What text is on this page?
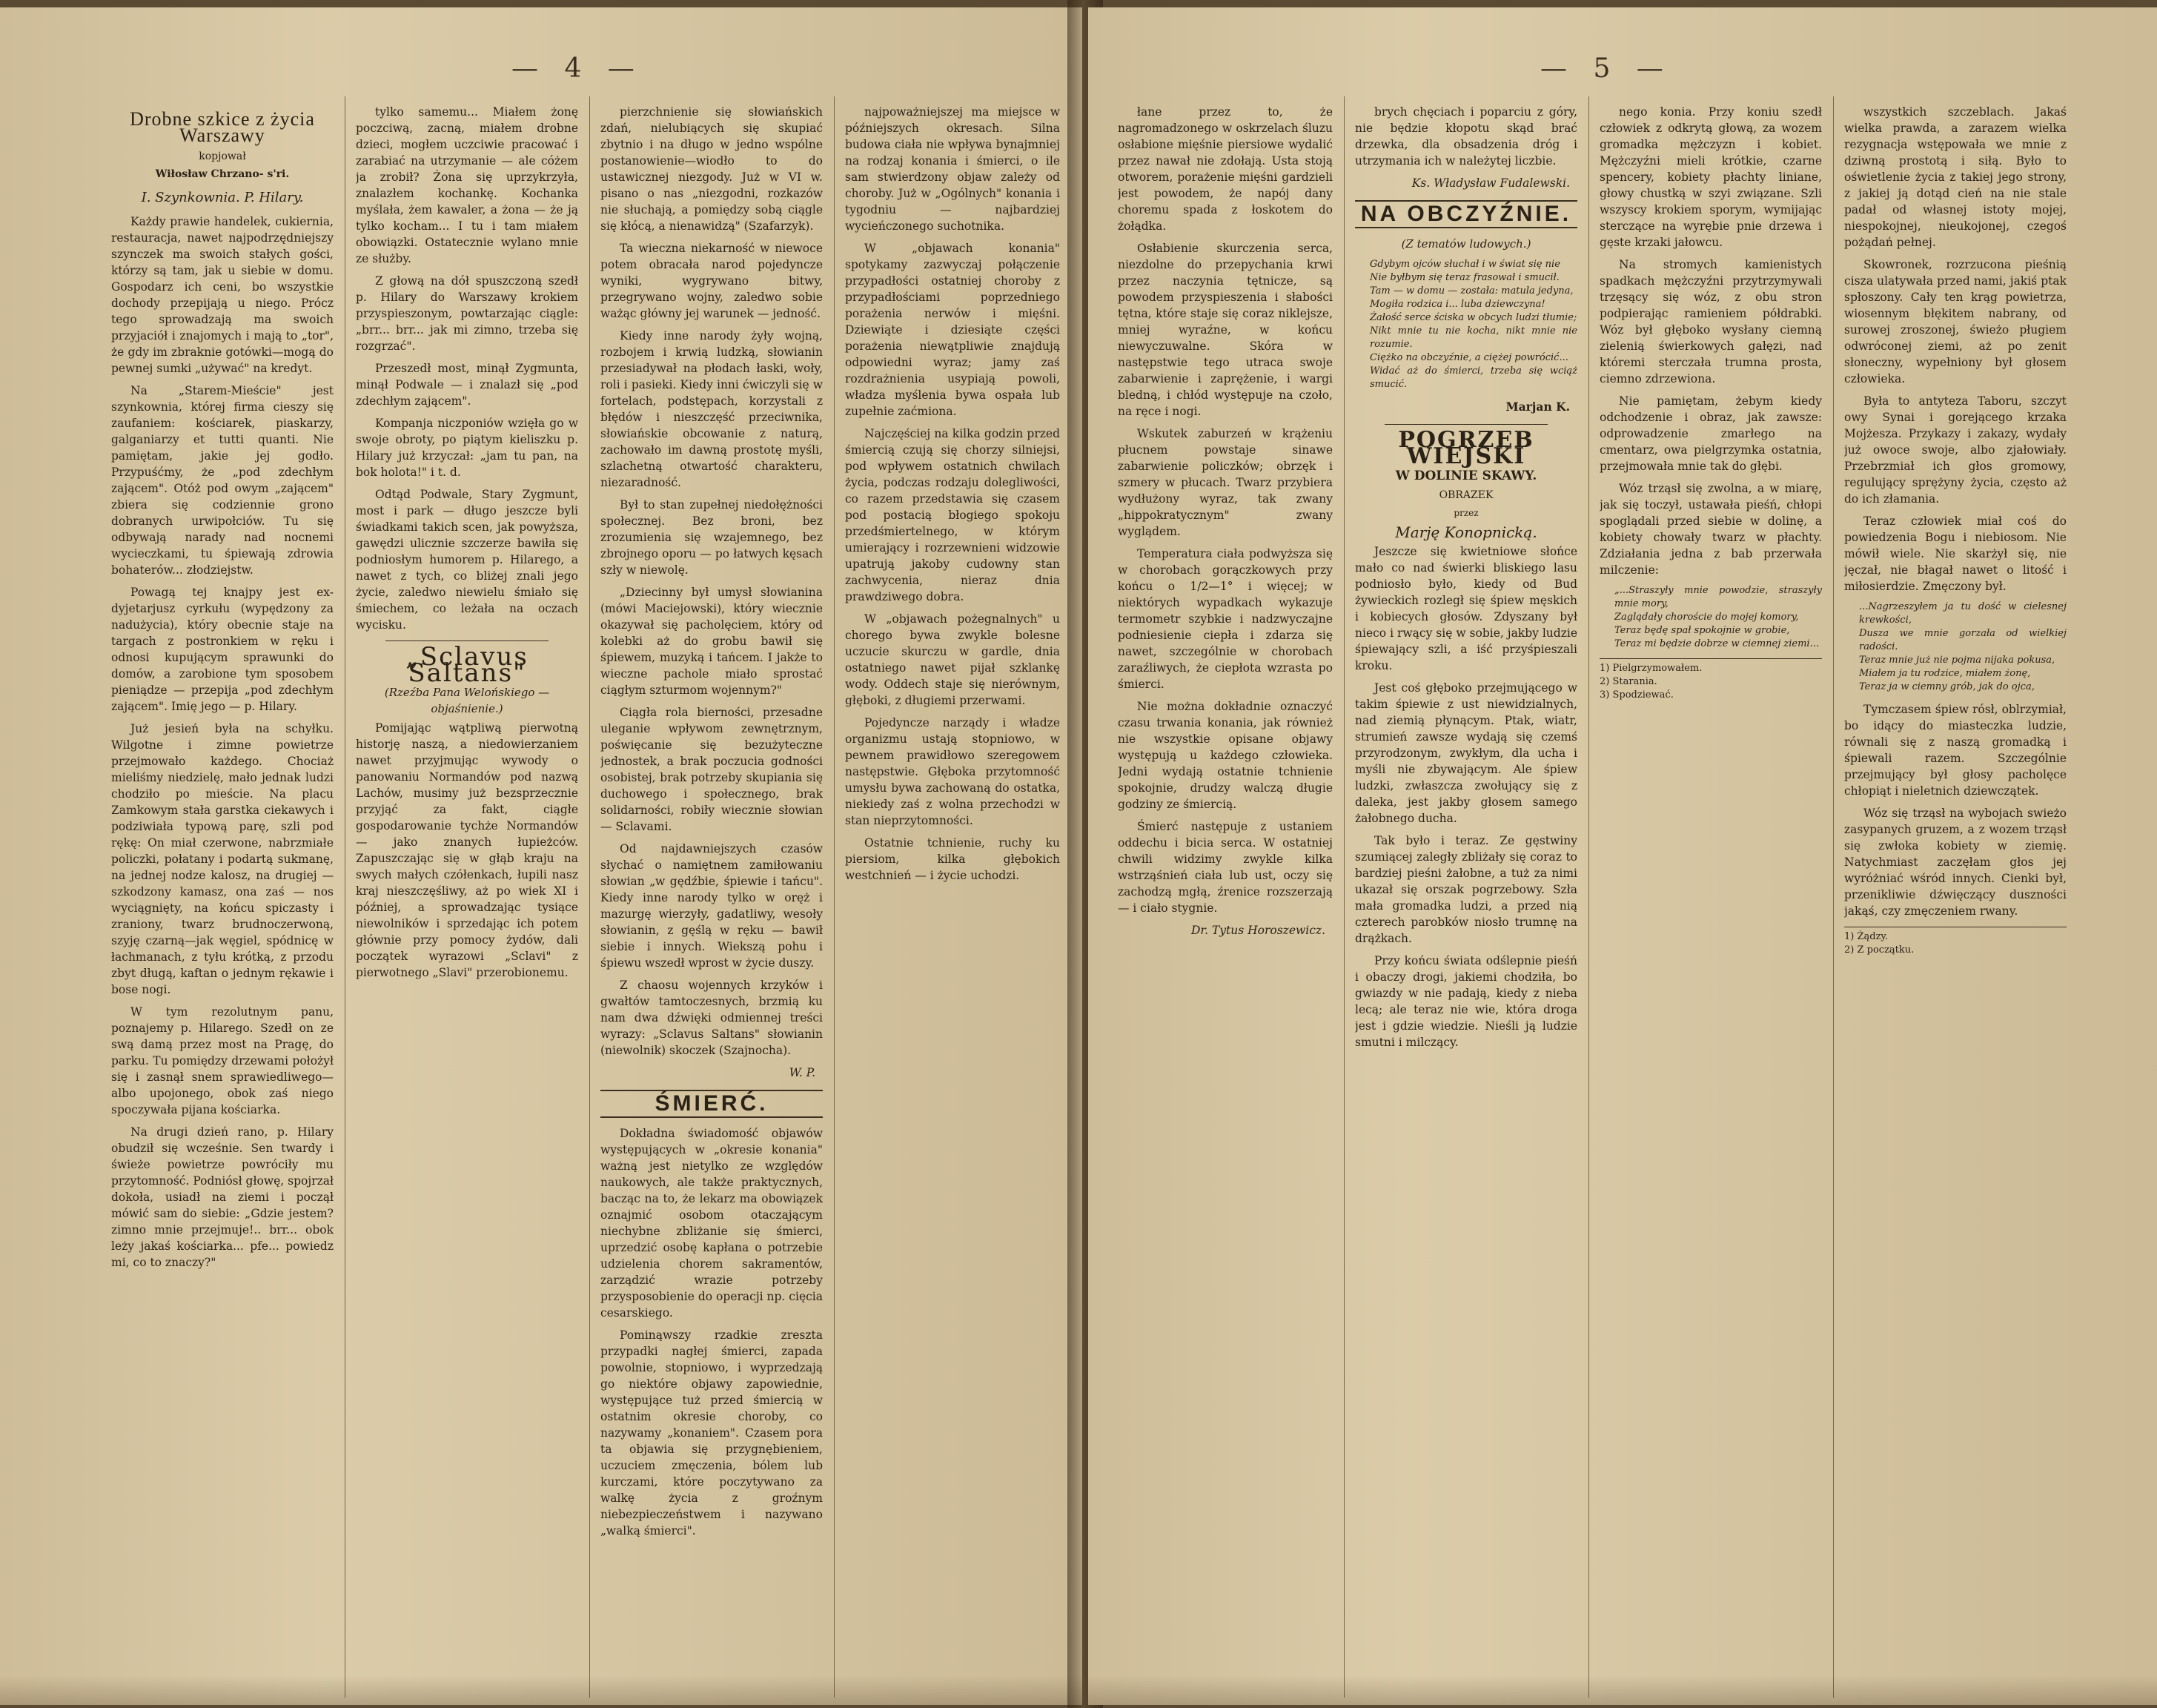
— 4 —
Drobne szkice z życia Warszawy
kopjował
Wiłosław Chrzano- s'ri.
I. Szynkownia. P. Hilary.

Każdy prawie handelek, cukiernia, restauracja, nawet najpodrzędniejszy szynczek ma swoich stałych gości, którzy są tam, jak u siebie w domu. Gospodarz ich ceni, bo wszystkie dochody przepijają u niego. Prócz tego sprowadzają ma swoich przyjaciół i znajomych i mają to „tor", że gdy im zbraknie gotówki—mogą do pewnej sumki „używać" na kredyt.

Na „Starem-Mieście" jest szynkownia, której firma cieszy się zaufaniem: kościarek, piaskarzy, galganiarzy et tutti quanti. Nie pamiętam, jakie jej godło. Przypuśćmy, że „pod zdechłym zającem". Otóż pod owym „zającem" zbiera się codziennie grono dobranych urwipołciów. Tu się odbywają narady nad nocnemi wycieczkami, tu śpiewają zdrowia bohaterów... złodziejstw.

Powagą tej knajpy jest ex-dyjetarjusz cyrkułu (wypędzony za nadużycia), który obecnie staje na targach z postronkiem w ręku i odnosi kupującym sprawunki do domów, a zarobione tym sposobem pieniądze — przepija „pod zdechłym zającem". Imię jego — p. Hilary.

Już jesień była na schyłku. Wilgotne i zimne powietrze przejmowało każdego. Chociaż mieliśmy niedzielę, mało jednak ludzi chodziło po mieście. Na placu Zamkowym stała garstka ciekawych i podziwiała typową parę, szli pod rękę: On miał czerwone, nabrzmiałe policzki, połatany i podartą sukmanę, na jednej nodze kalosz, na drugiej — szkodzony kamasz, ona zaś — nos wyciągnięty, na końcu spiczasty i zraniony, twarz brudnoczerwoną, szyję czarną—jak węgiel, spódnicę w łachmanach, z tyłu krótką, z przodu zbyt długą, kaftan o jednym rękawie i bose nogi.

W tym rezolutnym panu, poznajemy p. Hilarego. Szedł on ze swą damą przez most na Pragę, do parku. Tu pomiędzy drzewami położył się i zasnął snem sprawiedliwego—albo upojonego, obok zaś niego spoczywała pijana kościarka.

Na drugi dzień rano, p. Hilary obudził się wcześnie. Sen twardy i świeże powietrze powróciły mu przytomność. Podniósł głowę, spojrzał dokoła, usiadł na ziemi i począł mówić sam do siebie: „Gdzie jestem? zimno mnie przejmuje!.. brr... obok leży jakaś kościarka... pfe... powiedz mi, co to znaczy?"

tylko samemu... Miałem żonę poczciwą, zacną, miałem drobne dzieci, mogłem uczciwie pracować i zarabiać na utrzymanie — ale cóżem ja zrobił? Żona się uprzykrzyła, znalazłem kochankę. Kochanka myślała, żem kawaler, a żona — że ją tylko kocham... I tu i tam miałem obowiązki. Ostatecznie wylano mnie ze służby.

Z głową na dół spuszczoną szedł p. Hilary do Warszawy krokiem przyspieszonym, powtarzając ciągle: „brr... brr... jak mi zimno, trzeba się rozgrzać".

Przeszedł most, minął Zygmunta, minął Podwale — i znalazł się „pod zdechłym zającem".

Kompanja niczponiów wzięła go w swoje obroty, po piątym kieliszku p. Hilary już krzyczał: „jam tu pan, na bok holota!" i t. d.

Odtąd Podwale, Stary Zygmunt, most i park — długo jeszcze byli świadkami takich scen, jak powyższa, gawędzi ulicznie szczerze bawiła się podniosłym humorem p. Hilarego, a nawet z tych, co bliżej znali jego życie, zaledwo niewielu śmiało się śmiechem, co leżała na oczach wycisku.

„Sclavus Saltans"
(Rzeźba Pana Welońskiego — objaśnienie.)

Pomijając wątpliwą pierwotną historję naszą, a niedowierzaniem nawet przyjmując wywody o panowaniu Normandów pod nazwą Lachów, musimy już bezsprzecznie przyjąć za fakt, ciągłe gospodarowanie tychże Normandów — jako znanych łupieżców. Zapuszczając się w głąb kraju na swych małych czółenkach, łupili nasz kraj nieszczęśliwy, aż po wiek XI i później, a sprowadzając tysiące niewolników i sprzedając ich potem głównie przy pomocy żydów, dali początek wyrazowi „Sclavi" z pierwotnego „Slavi" przerobionemu.

pierzchnienie się słowiańskich zdań, nielubiących się skupiać zbytnio i na długo w jedno wspólne postanowienie—wiodło to do ustawicznej niezgody. Już w VI w. pisano o nas „niezgodni, rozkazów nie słuchają, a pomiędzy sobą ciągle się kłócą, a nienawidzą" (Szafarzyk).

Ta wieczna niekarność w niewoce potem obracała narod pojedyncze wyniki, wygrywano bitwy, przegrywano wojny, zaledwo sobie ważąc główny jej warunek — jedność.

Kiedy inne narody żyły wojną, rozbojem i krwią ludzką, słowianin przesiadywał na płodach łaski, woły, roli i pasieki. Kiedy inni ćwiczyli się w fortelach, podstępach, korzystali z błędów i nieszczęść przeciwnika, słowiańskie obcowanie z naturą, zachowało im dawną prostotę myśli, szlachetną otwartość charakteru, niezaradność.

Był to stan zupełnej niedołężności społecznej. Bez broni, bez zrozumienia się wzajemnego, bez zbrojnego oporu — po łatwych kęsach szły w niewolę.

„Dziecinny był umysł słowianina (mówi Maciejowski), który wiecznie okazywał się pacholęciem, który od kolebki aż do grobu bawił się śpiewem, muzyką i tańcem. I jakże to wieczne pachole miało sprostać ciągłym szturmom wojennym?"

Ciągła rola bierności, przesadne uleganie wpływom zewnętrznym, poświęcanie się bezużyteczne jednostek, a brak poczucia godności osobistej, brak potrzeby skupiania się duchowego i społecznego, brak solidarności, robiły wiecznie słowian — Sclavami.

Od najdawniejszych czasów słychać o namiętnem zamiłowaniu słowian „w gędźbie, śpiewie i tańcu". Kiedy inne narody tylko w oręż i mazurgę wierzyły, gadatliwy, wesoły słowianin, z gęślą w ręku — bawił siebie i innych. Wiekszą pohu i śpiewu wszedł wprost w życie duszy.

Z chaosu wojennych krzyków i gwałtów tamtoczesnych, brzmią ku nam dwa dźwięki odmiennej treści wyrazy: „Sclavus Saltans" słowianin (niewolnik) skoczek (Szajnocha).

W. P.
ŚMIERĆ.

Dokładna świadomość objawów występujących w „okresie konania" ważną jest nietylko ze względów naukowych, ale także praktycznych, bacząc na to, że lekarz ma obowiązek oznajmić osobom otaczającym niechybne zbliżanie się śmierci, uprzedzić osobę kapłana o potrzebie udzielenia chorem sakramentów, zarządzić wrazie potrzeby przysposobienie do operacji np. cięcia cesarskiego.

Pominąwszy rzadkie zreszta przypadki nagłej śmierci, zapada powolnie, stopniowo, i wyprzedzają go niektóre objawy zapowiednie, występujące tuż przed śmiercią w ostatnim okresie choroby, co nazywamy „konaniem". Czasem pora ta objawia się przygnębieniem, uczuciem zmęczenia, bólem lub kurczami, które poczytywano za walkę życia z groźnym niebezpieczeństwem i nazywano „walką śmierci".

najpoważniejszej ma miejsce w późniejszych okresach. Silna budowa ciała nie wpływa bynajmniej na rodzaj konania i śmierci, o ile sam stwierdzony objaw zależy od choroby. Już w „Ogólnych" konania i tygodniu — najbardziej wycieńczonego suchotnika.

W „objawach konania" spotykamy zazwyczaj połączenie przypadłości ostatniej choroby z przypadłościami poprzedniego porażenia nerwów i mięśni. Dziewiąte i dziesiąte części porażenia niewątpliwie znajdują odpowiedni wyraz; jamy zaś rozdrażnienia usypiają powoli, władza myślenia bywa ospała lub zupełnie zaćmiona.

Najczęściej na kilka godzin przed śmiercią czują się chorzy silniejsi, pod wpływem ostatnich chwilach życia, podczas rodzaju dolegliwości, co razem przedstawia się czasem pod postacią błogiego spokoju przedśmiertelnego, w którym umierający i rozrzewnieni widzowie upatrują jakoby cudowny stan zachwycenia, nieraz dnia prawdziwego dobra.

W „objawach pożegnalnych" u chorego bywa zwykle bolesne uczucie skurczu w gardle, dnia ostatniego nawet pijał szklankę wody. Oddech staje się nierównym, głęboki, z długiemi przerwami.

Pojedyncze narządy i władze organizmu ustają stopniowo, w pewnem prawidłowo szeregowem następstwie. Głęboka przytomność umysłu bywa zachowaną do ostatka, niekiedy zaś z wolna przechodzi w stan nieprzytomności.

Ostatnie tchnienie, ruchy ku piersiom, kilka głębokich westchnień — i życie uchodzi.

— 5 —

łane przez to, że nagromadzonego w oskrzelach śluzu osłabione mięśnie piersiowe wydalić przez nawał nie zdołają. Usta stoją otworem, porażenie mięśni gardzieli jest powodem, że napój dany choremu spada z łoskotem do żołądka.

Osłabienie skurczenia serca, niezdolne do przepychania krwi przez naczynia tętnicze, są powodem przyspieszenia i słabości tętna, które staje się coraz niklejsze, mniej wyraźne, w końcu niewyczuwalne. Skóra w następstwie tego utraca swoje zabarwienie i zaprężenie, i wargi bledną, i chłód występuje na czoło, na ręce i nogi.

Wskutek zaburzeń w krążeniu płucnem powstaje sinawe zabarwienie policzków; obrzęk i szmery w płucach. Twarz przybiera wydłużony wyraz, tak zwany „hippokratycznym" zwany wyglądem.

Temperatura ciała podwyższa się w chorobach gorączkowych przy końcu o 1/2—1° i więcej; w niektórych wypadkach wykazuje termometr szybkie i nadzwyczajne podniesienie ciepła i zdarza się nawet, szczególnie w chorobach zaraźliwych, że ciepłota wzrasta po śmierci.

Nie można dokładnie oznaczyć czasu trwania konania, jak również nie wszystkie opisane objawy występują u każdego człowieka. Jedni wydają ostatnie tchnienie spokojnie, drudzy walczą długie godziny ze śmiercią.

Śmierć następuje z ustaniem oddechu i bicia serca. W ostatniej chwili widzimy zwykle kilka wstrząśnień ciała lub ust, oczy się zachodzą mgłą, źrenice rozszerzają — i ciało stygnie.

Dr. Tytus Horoszewicz.

brych chęciach i poparciu z góry, nie będzie kłopotu skąd brać drzewka, dla obsadzenia dróg i utrzymania ich w należytej liczbie.

Ks. Władysław Fudalewski.
NA OBCZYŹNIE.
(Z tematów ludowych.)
Gdybym ojców słuchał i w świat się nie
Nie byłbym się teraz frasował i smucił.
Tam — w domu — została: matula jedyna,
Mogiła rodzica i... luba dziewczyna!
Żałość serce ściska w obcych ludzi tłumie;
Nikt mnie tu nie kocha, nikt mnie nie rozumie.
Ciężko na obczyźnie, a ciężej powrócić...
Widać aż do śmierci, trzeba się wciąż smucić.
Marjan K.
POGRZEB WIEJSKI
W DOLINIE SKAWY.
OBRAZEK
przez
Marję Konopnicką.

Jeszcze się kwietniowe słońce mało co nad świerki bliskiego lasu podniosło było, kiedy od Bud żywieckich rozległ się śpiew męskich i kobiecych głosów. Zdyszany był nieco i rwący się w sobie, jakby ludzie śpiewający szli, a iść przyśpieszali kroku.

Jest coś głęboko przejmującego w takim śpiewie z ust niewidzialnych, nad ziemią płynącym. Ptak, wiatr, strumień zawsze wydają się czemś przyrodzonym, zwykłym, dla ucha i myśli nie zbywającym. Ale śpiew ludzki, zwłaszcza zwołujący się z daleka, jest jakby głosem samego żałobnego ducha.

Tak było i teraz. Ze gęstwiny szumiącej zaległy zbliżały się coraz to bardziej pieśni żałobne, a tuż za nimi ukazał się orszak pogrzebowy. Szła mała gromadka ludzi, a przed nią czterech parobków niosło trumnę na drążkach.

Przy końcu świata odślepnie pieśń i obaczy drogi, jakiemi chodziła, bo gwiazdy w nie padają, kiedy z nieba lecą; ale teraz nie wie, która droga jest i gdzie wiedzie. Nieśli ją ludzie smutni i milczący.

nego konia. Przy koniu szedł człowiek z odkrytą głową, za wozem gromadka mężczyzn i kobiet. Mężczyźni mieli krótkie, czarne spencery, kobiety płachty liniane, głowy chustką w szyi związane. Szli wszyscy krokiem sporym, wymijając sterczące na wyrębie pnie drzewa i gęste krzaki jałowcu.

Na stromych kamienistych spadkach mężczyźni przytrzymywali trzęsący się wóz, z obu stron podpierając ramieniem półdrabki. Wóz był głęboko wysłany ciemną zielenią świerkowych gałęzi, nad któremi sterczała trumna prosta, ciemno zdrzewiona.

Nie pamiętam, żebym kiedy odchodzenie i obraz, jak zawsze: odprowadzenie zmarłego na cmentarz, owa pielgrzymka ostatnia, przejmowała mnie tak do głębi.

Wóz trząsł się zwolna, a w miarę, jak się toczył, ustawała pieśń, chłopi spoglądali przed siebie w dolinę, a kobiety chowały twarz w płachty. Zdziałania jedna z bab przerwała milczenie:

„...Straszyły mnie powodzie, straszyły mnie mory,
Zaglądały choroście do mojej komory,
Teraz będę spał spokojnie w grobie,
Teraz mi będzie dobrze w ciemnej ziemi...
1) Pielgrzymowałem.
2) Starania.
3) Spodziewać.

wszystkich szczeblach. Jakaś wielka prawda, a zarazem wielka rezygnacja wstępowała we mnie z dziwną prostotą i siłą. Było to oświetlenie życia z takiej jego strony, z jakiej ją dotąd cień na nie stale padał od własnej istoty mojej, niespokojnej, nieukojonej, czegoś pożądań pełnej.

Skowronek, rozrzucona pieśnią cisza ulatywała przed nami, jakiś ptak spłoszony. Cały ten krąg powietrza, wiosennym błękitem nabrany, od surowej zroszonej, świeżo pługiem odwróconej ziemi, aż po zenit słoneczny, wypełniony był głosem człowieka.

Była to antyteza Taboru, szczyt owy Synai i gorejącego krzaka Mojżesza. Przykazy i zakazy, wydały już owoce swoje, albo zjałowiały. Przebrzmiał ich głos gromowy, regulujący sprężyny życia, często aż do ich złamania.

Teraz człowiek miał coś do powiedzenia Bogu i niebiosom. Nie mówił wiele. Nie skarżył się, nie jęczał, nie błagał nawet o litość i miłosierdzie. Zmęczony był.

...Nagrzeszyłem ja tu dość w cielesnej krewkości,
Dusza we mnie gorzała od wielkiej radości.
Teraz mnie już nie pojma nijaka pokusa,
Miałem ja tu rodzice, miałem żonę,
Teraz ja w ciemny grób, jak do ojca,

Tymczasem śpiew rósł, oblrzymiał, bo idący do miasteczka ludzie, równali się z naszą gromadką i śpiewali razem. Szczególnie przejmujący był głosy pacholęce chłopiąt i nieletnich dziewczątek.

Wóz się trząsł na wybojach swieżo zasypanych gruzem, a z wozem trząsł się zwłoka kobiety w ziemię. Natychmiast zaczęłam głos jej wyróżniać wśród innych. Cienki był, przenikliwie dźwięczący duszności jakąś, czy zmęczeniem rwany.

1) Żądzy.
2) Z początku.
